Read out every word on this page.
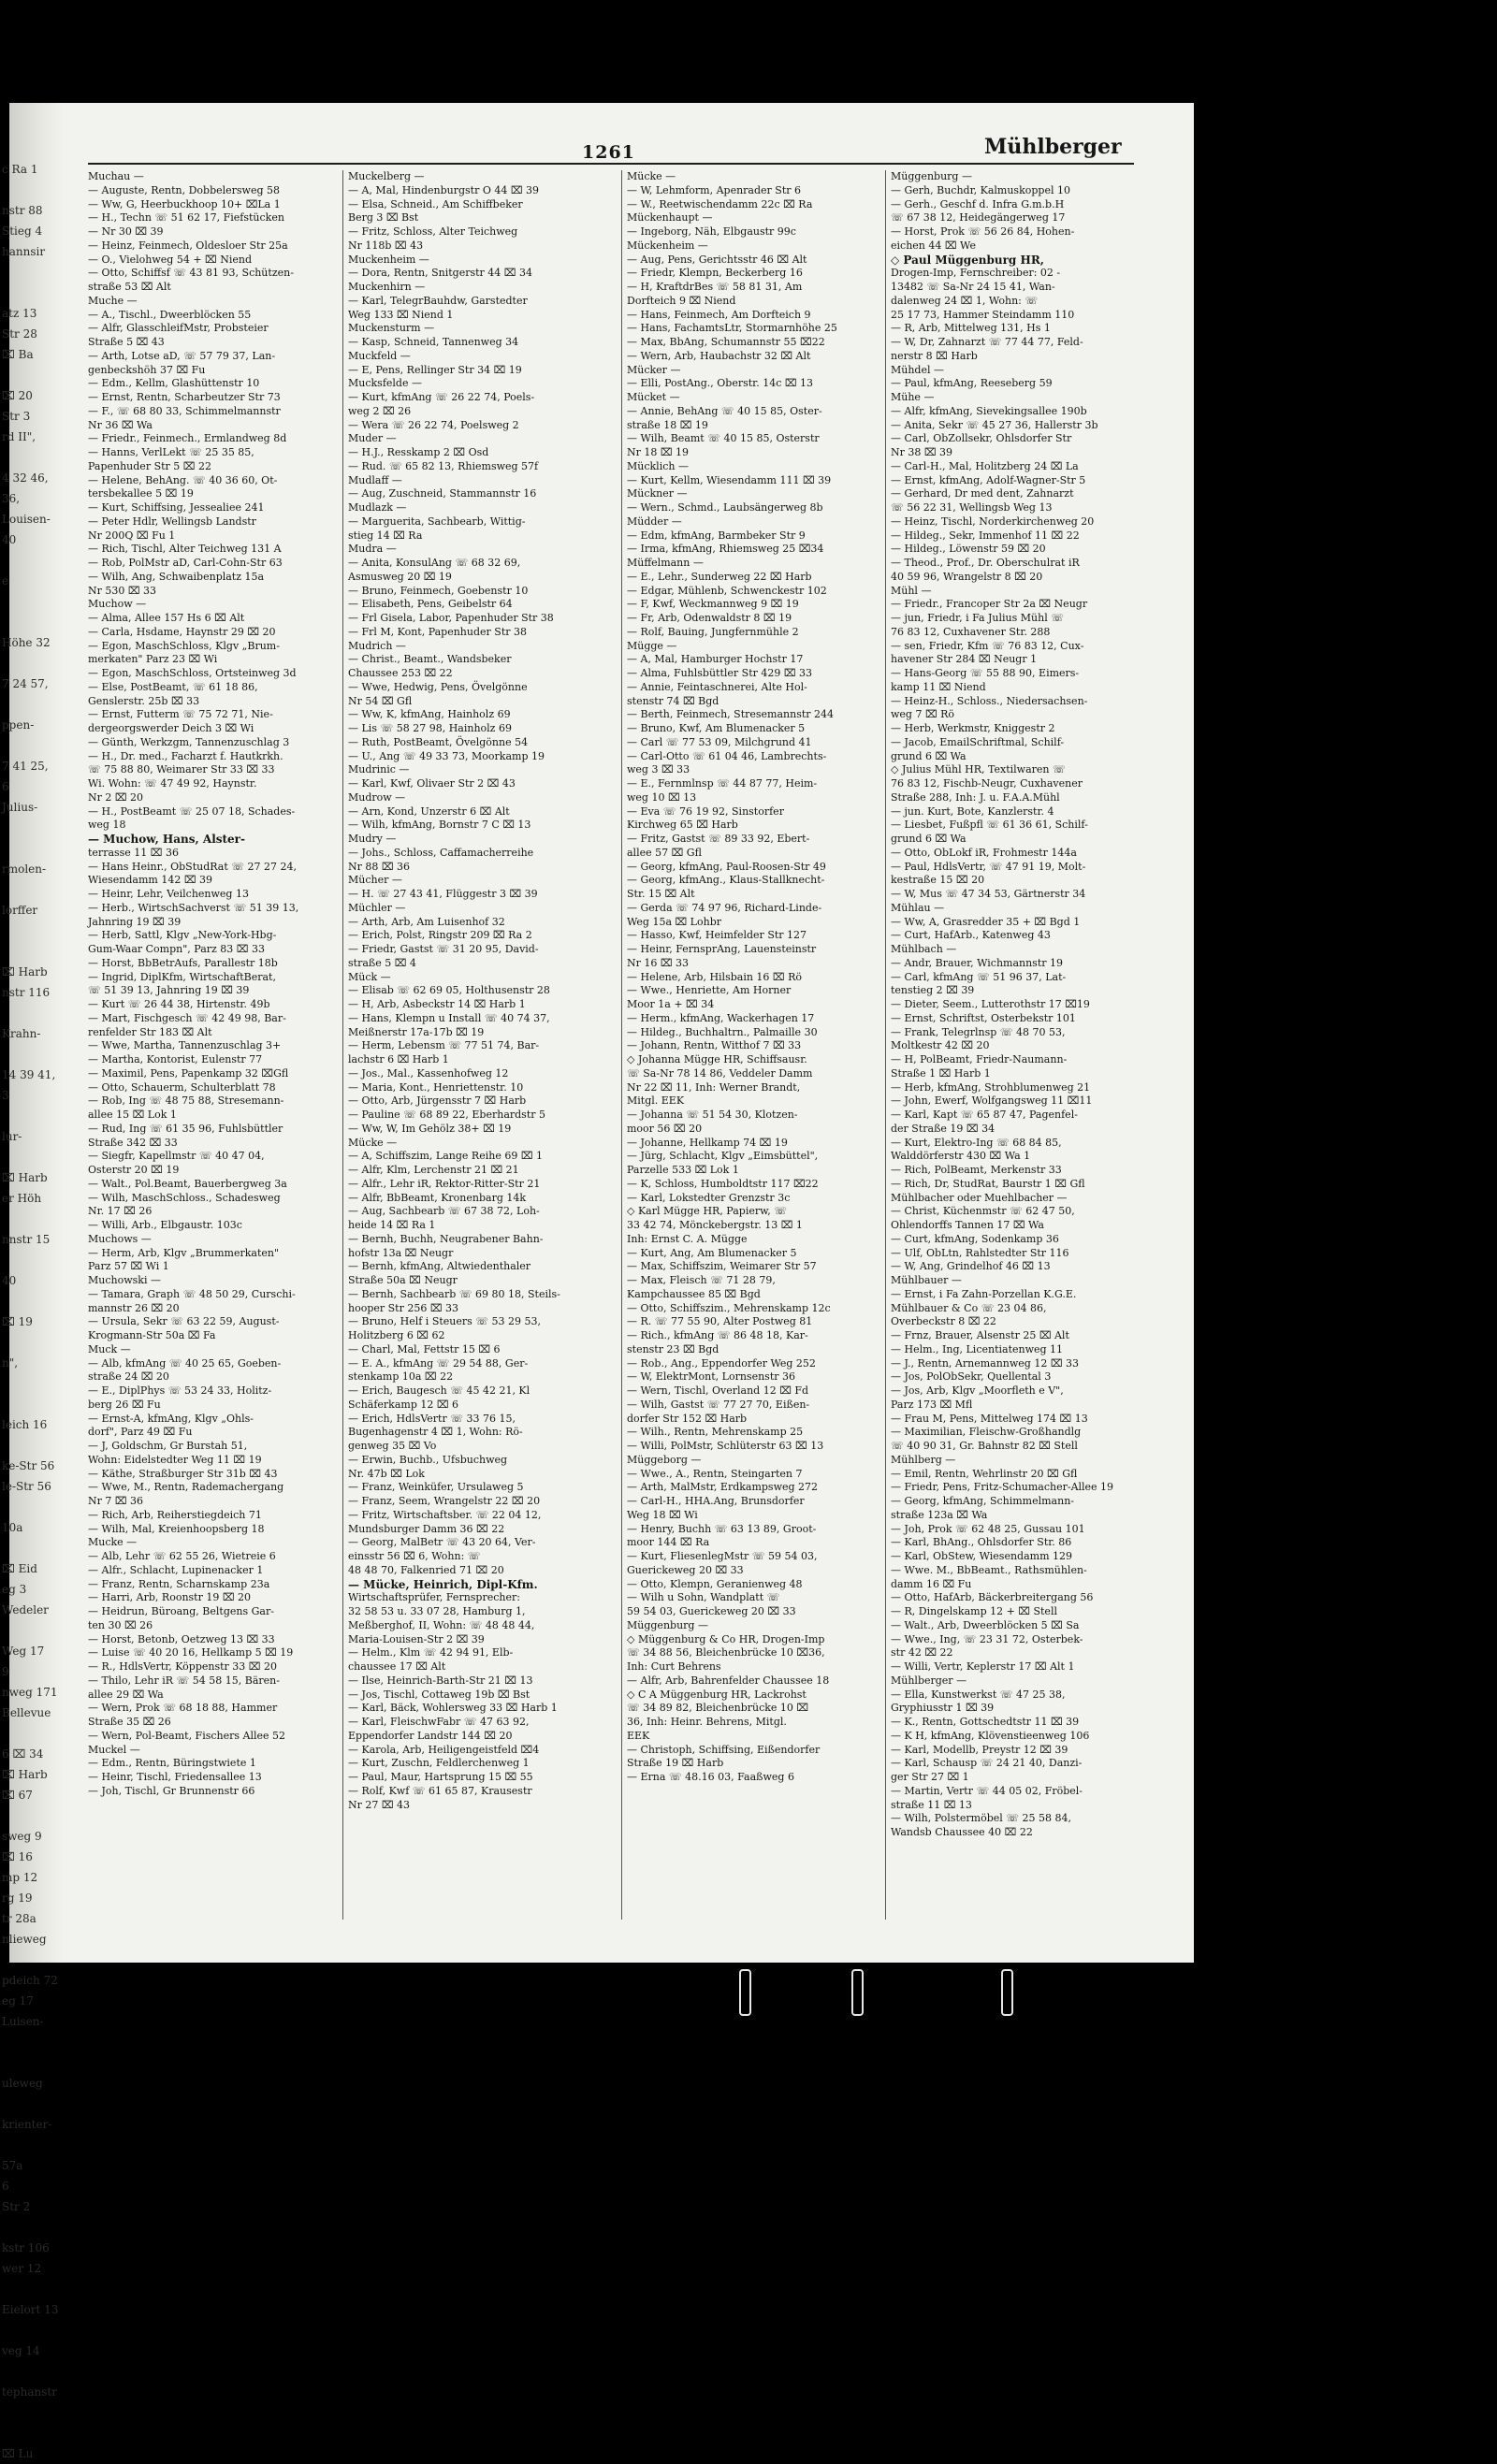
c Ra 1
nstr 88
Stieg 4
hannsir
atz 13
Str 28
⌧ Ba
⌧ 20
Str 3
rd II",
4 32 46,
36,
Louisen-
40
e
Höhe 32
7 24 57,
ppen-
7 41 25,
6
Julius-
rmolen-
lorffer
⌧ Harb
nstr 116
Krahn-
14 39 41,
3
lur-
⌧ Harb
er Höh
nnstr 15
40
⌧ 19
n",
leich 16
ke-Str 56
le-Str 56
10a
⌧ Eid
eg 3
Wedeler
Weg 17
9
nweg 171
Bellevue
6 ⌧ 34
⌧ Harb
⌧ 67
sweg 9
⌧ 16
mp 12
rg 19
tr 28a
nlieweg
pdeich 72
eg 17
Luisen-
uleweg
krienter-
57a
6
Str 2
kstr 106
wer 12
Eielort 13
veg 14
tephanstr
⌧ Lu
1261	Mühlberger
Muchau —
— Auguste, Rentn, Dobbelersweg 58
— Ww, G, Heerbuckhoop 10+ ⌧La 1
— H., Techn ☏ 51 62 17, Fiefstücken
— Nr 30 ⌧ 39
— Heinz, Feinmech, Oldesloer Str 25a
— O., Vielohweg 54 + ⌧ Niend
— Otto, Schiffsf ☏ 43 81 93, Schützen-
straße 53 ⌧ Alt
Muche —
— A., Tischl., Dweerblöcken 55
— Alfr, GlasschleifMstr, Probsteier
Straße 5 ⌧ 43
— Arth, Lotse aD, ☏ 57 79 37, Lan-
genbeckshöh 37 ⌧ Fu
— Edm., Kellm, Glashüttenstr 10
— Ernst, Rentn, Scharbeutzer Str 73
— F., ☏ 68 80 33, Schimmelmannstr
Nr 36 ⌧ Wa
— Friedr., Feinmech., Ermlandweg 8d
— Hanns, VerlLekt ☏ 25 35 85,
Papenhuder Str 5 ⌧ 22
— Helene, BehAng. ☏ 40 36 60, Ot-
tersbekallee 5 ⌧ 19
— Kurt, Schiffsing, Jessealiee 241
— Peter Hdlr, Wellingsb Landstr
Nr 200Q ⌧ Fu 1
— Rich, Tischl, Alter Teichweg 131 A
— Rob, PolMstr aD, Carl-Cohn-Str 63
— Wilh, Ang, Schwaibenplatz 15a
Nr 530 ⌧ 33
Muchow —
— Alma, Allee 157 Hs 6 ⌧ Alt
— Carla, Hsdame, Haynstr 29 ⌧ 20
— Egon, MaschSchloss, Klgv „Brum-
merkaten" Parz 23 ⌧ Wi
— Egon, MaschSchloss, Ortsteinweg 3d
— Else, PostBeamt, ☏ 61 18 86,
Genslerstr. 25b ⌧ 33
— Ernst, Futterm ☏ 75 72 71, Nie-
dergeorgswerder Deich 3 ⌧ Wi
— Günth, Werkzgm, Tannenzuschlag 3
— H., Dr. med., Facharzt f. Hautkrkh.
☏ 75 88 80, Weimarer Str 33 ⌧ 33
Wi. Wohn: ☏ 47 49 92, Haynstr.
Nr 2 ⌧ 20
— H., PostBeamt ☏ 25 07 18, Schades-
weg 18
— Muchow, Hans, Alster-
terrasse 11 ⌧ 36
— Hans Heinr., ObStudRat ☏ 27 27 24,
Wiesendamm 142 ⌧ 39
— Heinr, Lehr, Veilchenweg 13
— Herb., WirtschSachverst ☏ 51 39 13,
Jahnring 19 ⌧ 39
— Herb, Sattl, Klgv „New-York-Hbg-
Gum-Waar Compn", Parz 83 ⌧ 33
— Horst, BbBetrAufs, Parallestr 18b
— Ingrid, DiplKfm, WirtschaftBerat,
☏ 51 39 13, Jahnring 19 ⌧ 39
— Kurt ☏ 26 44 38, Hirtenstr. 49b
— Mart, Fischgesch ☏ 42 49 98, Bar-
renfelder Str 183 ⌧ Alt
— Wwe, Martha, Tannenzuschlag 3+
— Martha, Kontorist, Eulenstr 77
— Maximil, Pens, Papenkamp 32 ⌧Gfl
— Otto, Schauerm, Schulterblatt 78
— Rob, Ing ☏ 48 75 88, Stresemann-
allee 15 ⌧ Lok 1
— Rud, Ing ☏ 61 35 96, Fuhlsbüttler
Straße 342 ⌧ 33
— Siegfr, Kapellmstr ☏ 40 47 04,
Osterstr 20 ⌧ 19
— Walt., Pol.Beamt, Bauerbergweg 3a
— Wilh, MaschSchloss., Schadesweg
Nr. 17 ⌧ 26
— Willi, Arb., Elbgaustr. 103c
Muchows —
— Herm, Arb, Klgv „Brummerkaten"
Parz 57 ⌧ Wi 1
Muchowski —
— Tamara, Graph ☏ 48 50 29, Curschi-
mannstr 26 ⌧ 20
— Ursula, Sekr ☏ 63 22 59, August-
Krogmann-Str 50a ⌧ Fa
Muck —
— Alb, kfmAng ☏ 40 25 65, Goeben-
straße 24 ⌧ 20
— E., DiplPhys ☏ 53 24 33, Holitz-
berg 26 ⌧ Fu
— Ernst-A, kfmAng, Klgv „Ohls-
dorf", Parz 49 ⌧ Fu
— J, Goldschm, Gr Burstah 51,
Wohn: Eidelstedter Weg 11 ⌧ 19
— Käthe, Straßburger Str 31b ⌧ 43
— Wwe, M., Rentn, Rademachergang
Nr 7 ⌧ 36
— Rich, Arb, Reiherstiegdeich 71
— Wilh, Mal, Kreienhoopsberg 18
Mucke —
— Alb, Lehr ☏ 62 55 26, Wietreie 6
— Alfr., Schlacht, Lupinenacker 1
— Franz, Rentn, Scharnskamp 23a
— Harri, Arb, Roonstr 19 ⌧ 20
— Heidrun, Büroang, Beltgens Gar-
ten 30 ⌧ 26
— Horst, Betonb, Oetzweg 13 ⌧ 33
— Luise ☏ 40 20 16, Hellkamp 5 ⌧ 19
— R., HdlsVertr, Köppenstr 33 ⌧ 20
— Thilo, Lehr iR ☏ 54 58 15, Bären-
allee 29 ⌧ Wa
— Wern, Prok ☏ 68 18 88, Hammer
Straße 35 ⌧ 26
— Wern, Pol-Beamt, Fischers Allee 52
Muckel —
— Edm., Rentn, Büringstwiete 1
— Heinr, Tischl, Friedensallee 13
— Joh, Tischl, Gr Brunnenstr 66
Muckelberg —
— A, Mal, Hindenburgstr O 44 ⌧ 39
— Elsa, Schneid., Am Schiffbeker
Berg 3 ⌧ Bst
— Fritz, Schloss, Alter Teichweg
Nr 118b ⌧ 43
Muckenheim —
— Dora, Rentn, Snitgerstr 44 ⌧ 34
Muckenhirn —
— Karl, TelegrBauhdw, Garstedter
Weg 133 ⌧ Niend 1
Muckensturm —
— Kasp, Schneid, Tannenweg 34
Muckfeld —
— E, Pens, Rellinger Str 34 ⌧ 19
Mucksfelde —
— Kurt, kfmAng ☏ 26 22 74, Poels-
weg 2 ⌧ 26
— Wera ☏ 26 22 74, Poelsweg 2
Muder —
— H.J., Resskamp 2 ⌧ Osd
— Rud. ☏ 65 82 13, Rhiemsweg 57f
Mudlaff —
— Aug, Zuschneid, Stammannstr 16
Mudlazk —
— Marguerita, Sachbearb, Wittig-
stieg 14 ⌧ Ra
Mudra —
— Anita, KonsulAng ☏ 68 32 69,
Asmusweg 20 ⌧ 19
— Bruno, Feinmech, Goebenstr 10
— Elisabeth, Pens, Geibelstr 64
— Frl Gisela, Labor, Papenhuder Str 38
— Frl M, Kont, Papenhuder Str 38
Mudrich —
— Christ., Beamt., Wandsbeker
Chaussee 253 ⌧ 22
— Wwe, Hedwig, Pens, Övelgönne
Nr 54 ⌧ Gfl
— Ww, K, kfmAng, Hainholz 69
— Lis ☏ 58 27 98, Hainholz 69
— Ruth, PostBeamt, Övelgönne 54
— U., Ang ☏ 49 33 73, Moorkamp 19
Mudrinic —
— Karl, Kwf, Olivaer Str 2 ⌧ 43
Mudrow —
— Arn, Kond, Unzerstr 6 ⌧ Alt
— Wilh, kfmAng, Bornstr 7 C ⌧ 13
Mudry —
— Johs., Schloss, Caffamacherreihe
Nr 88 ⌧ 36
Mücher —
— H. ☏ 27 43 41, Flüggestr 3 ⌧ 39
Müchler —
— Arth, Arb, Am Luisenhof 32
— Erich, Polst, Ringstr 209 ⌧ Ra 2
— Friedr, Gastst ☏ 31 20 95, David-
straße 5 ⌧ 4
Mück —
— Elisab ☏ 62 69 05, Holthusenstr 28
— H, Arb, Asbeckstr 14 ⌧ Harb 1
— Hans, Klempn u Install ☏ 40 74 37,
Meißnerstr 17a-17b ⌧ 19
— Herm, Lebensm ☏ 77 51 74, Bar-
lachstr 6 ⌧ Harb 1
— Jos., Mal., Kassenhofweg 12
— Maria, Kont., Henriettenstr. 10
— Otto, Arb, Jürgensstr 7 ⌧ Harb
— Pauline ☏ 68 89 22, Eberhardstr 5
— Ww, W, Im Gehölz 38+ ⌧ 19
Mücke —
— A, Schiffszim, Lange Reihe 69 ⌧ 1
— Alfr, Klm, Lerchenstr 21 ⌧ 21
— Alfr., Lehr iR, Rektor-Ritter-Str 21
— Alfr, BbBeamt, Kronenbarg 14k
— Aug, Sachbearb ☏ 67 38 72, Loh-
heide 14 ⌧ Ra 1
— Bernh, Buchh, Neugrabener Bahn-
hofstr 13a ⌧ Neugr
— Bernh, kfmAng, Altwiedenthaler
Straße 50a ⌧ Neugr
— Bernh, Sachbearb ☏ 69 80 18, Steils-
hooper Str 256 ⌧ 33
— Bruno, Helf i Steuers ☏ 53 29 53,
Holitzberg 6 ⌧ 62
— Charl, Mal, Fettstr 15 ⌧ 6
— E. A., kfmAng ☏ 29 54 88, Ger-
stenkamp 10a ⌧ 22
— Erich, Baugesch ☏ 45 42 21, Kl
Schäferkamp 12 ⌧ 6
— Erich, HdlsVertr ☏ 33 76 15,
Bugenhagenstr 4 ⌧ 1, Wohn: Rö-
genweg 35 ⌧ Vo
— Erwin, Buchb., Ufsbuchweg
Nr. 47b ⌧ Lok
— Franz, Weinküfer, Ursulaweg 5
— Franz, Seem, Wrangelstr 22 ⌧ 20
— Fritz, Wirtschaftsber. ☏ 22 04 12,
Mundsburger Damm 36 ⌧ 22
— Georg, MalBetr ☏ 43 20 64, Ver-
einsstr 56 ⌧ 6, Wohn: ☏
48 48 70, Falkenried 71 ⌧ 20
— Mücke, Heinrich, Dipl-Kfm.
Wirtschaftsprüfer, Fernsprecher:
32 58 53 u. 33 07 28, Hamburg 1,
Meßberghof, II, Wohn: ☏ 48 48 44,
Maria-Louisen-Str 2 ⌧ 39
— Helm., Klm ☏ 42 94 91, Elb-
chaussee 17 ⌧ Alt
— Ilse, Heinrich-Barth-Str 21 ⌧ 13
— Jos, Tischl, Cottaweg 19b ⌧ Bst
— Karl, Bäck, Wohlersweg 33 ⌧ Harb 1
— Karl, FleischwFabr ☏ 47 63 92,
Eppendorfer Landstr 144 ⌧ 20
— Karola, Arb, Heiligengeistfeld ⌧4
— Kurt, Zuschn, Feldlerchenweg 1
— Paul, Maur, Hartsprung 15 ⌧ 55
— Rolf, Kwf ☏ 61 65 87, Krausestr
Nr 27 ⌧ 43
Mücke —
— W, Lehmform, Apenrader Str 6
— W., Reetwischendamm 22c ⌧ Ra
Mückenhaupt —
— Ingeborg, Näh, Elbgaustr 99c
Mückenheim —
— Aug, Pens, Gerichtsstr 46 ⌧ Alt
— Friedr, Klempn, Beckerberg 16
— H, KraftdrBes ☏ 58 81 31, Am
Dorfteich 9 ⌧ Niend
— Hans, Feinmech, Am Dorfteich 9
— Hans, FachamtsLtr, Stormarnhöhe 25
— Max, BbAng, Schumannstr 55 ⌧22
— Wern, Arb, Haubachstr 32 ⌧ Alt
Mücker —
— Elli, PostAng., Oberstr. 14c ⌧ 13
Mücket —
— Annie, BehAng ☏ 40 15 85, Oster-
straße 18 ⌧ 19
— Wilh, Beamt ☏ 40 15 85, Osterstr
Nr 18 ⌧ 19
Mücklich —
— Kurt, Kellm, Wiesendamm 111 ⌧ 39
Mückner —
— Wern., Schmd., Laubsängerweg 8b
Müdder —
— Edm, kfmAng, Barmbeker Str 9
— Irma, kfmAng, Rhiemsweg 25 ⌧34
Müffelmann —
— E., Lehr., Sunderweg 22 ⌧ Harb
— Edgar, Mühlenb, Schwenckestr 102
— F, Kwf, Weckmannweg 9 ⌧ 19
— Fr, Arb, Odenwaldstr 8 ⌧ 19
— Rolf, Bauing, Jungfernmühle 2
Mügge —
— A, Mal, Hamburger Hochstr 17
— Alma, Fuhlsbüttler Str 429 ⌧ 33
— Annie, Feintaschnerei, Alte Hol-
stenstr 74 ⌧ Bgd
— Berth, Feinmech, Stresemannstr 244
— Bruno, Kwf, Am Blumenacker 5
— Carl ☏ 77 53 09, Milchgrund 41
— Carl-Otto ☏ 61 04 46, Lambrechts-
weg 3 ⌧ 33
— E., Fernmlnsp ☏ 44 87 77, Heim-
weg 10 ⌧ 13
— Eva ☏ 76 19 92, Sinstorfer
Kirchweg 65 ⌧ Harb
— Fritz, Gastst ☏ 89 33 92, Ebert-
allee 57 ⌧ Gfl
— Georg, kfmAng, Paul-Roosen-Str 49
— Georg, kfmAng., Klaus-Stallknecht-
Str. 15 ⌧ Alt
— Gerda ☏ 74 97 96, Richard-Linde-
Weg 15a ⌧ Lohbr
— Hasso, Kwf, Heimfelder Str 127
— Heinr, FernsprAng, Lauensteinstr
Nr 16 ⌧ 33
— Helene, Arb, Hilsbain 16 ⌧ Rö
— Wwe., Henriette, Am Horner
Moor 1a + ⌧ 34
— Herm., kfmAng, Wackerhagen 17
— Hildeg., Buchhaltrn., Palmaille 30
— Johann, Rentn, Witthof 7 ⌧ 33
◇ Johanna Mügge HR, Schiffsausr.
☏ Sa-Nr 78 14 86, Veddeler Damm
Nr 22 ⌧ 11, Inh: Werner Brandt,
Mitgl. EEK
— Johanna ☏ 51 54 30, Klotzen-
moor 56 ⌧ 20
— Johanne, Hellkamp 74 ⌧ 19
— Jürg, Schlacht, Klgv „Eimsbüttel",
Parzelle 533 ⌧ Lok 1
— K, Schloss, Humboldtstr 117 ⌧22
— Karl, Lokstedter Grenzstr 3c
◇ Karl Mügge HR, Papierw, ☏
33 42 74, Mönckebergstr. 13 ⌧ 1
Inh: Ernst C. A. Mügge
— Kurt, Ang, Am Blumenacker 5
— Max, Schiffszim, Weimarer Str 57
— Max, Fleisch ☏ 71 28 79,
Kampchaussee 85 ⌧ Bgd
— Otto, Schiffszim., Mehrenskamp 12c
— R. ☏ 77 55 90, Alter Postweg 81
— Rich., kfmAng ☏ 86 48 18, Kar-
stenstr 23 ⌧ Bgd
— Rob., Ang., Eppendorfer Weg 252
— W, ElektrMont, Lornsenstr 36
— Wern, Tischl, Overland 12 ⌧ Fd
— Wilh, Gastst ☏ 77 27 70, Eißen-
dorfer Str 152 ⌧ Harb
— Wilh., Rentn, Mehrenskamp 25
— Willi, PolMstr, Schlüterstr 63 ⌧ 13
Müggeborg —
— Wwe., A., Rentn, Steingarten 7
— Arth, MalMstr, Erdkampsweg 272
— Carl-H., HHA.Ang, Brunsdorfer
Weg 18 ⌧ Wi
— Henry, Buchh ☏ 63 13 89, Groot-
moor 144 ⌧ Ra
— Kurt, FliesenlegMstr ☏ 59 54 03,
Guerickeweg 20 ⌧ 33
— Otto, Klempn, Geranienweg 48
— Wilh u Sohn, Wandplatt ☏
59 54 03, Guerickeweg 20 ⌧ 33
Müggenburg —
◇ Müggenburg & Co HR, Drogen-Imp
☏ 34 88 56, Bleichenbrücke 10 ⌧36,
Inh: Curt Behrens
— Alfr, Arb, Bahrenfelder Chaussee 18
◇ C A Müggenburg HR, Lackrohst
☏ 34 89 82, Bleichenbrücke 10 ⌧
36, Inh: Heinr. Behrens, Mitgl.
EEK
— Christoph, Schiffsing, Eißendorfer
Straße 19 ⌧ Harb
— Erna ☏ 48.16 03, Faaßweg 6
Müggenburg —
— Gerh, Buchdr, Kalmuskoppel 10
— Gerh., Geschf d. Infra G.m.b.H
☏ 67 38 12, Heidegängerweg 17
— Horst, Prok ☏ 56 26 84, Hohen-
eichen 44 ⌧ We
◇ Paul Müggenburg HR,
Drogen-Imp, Fernschreiber: 02 -
13482 ☏ Sa-Nr 24 15 41, Wan-
dalenweg 24 ⌧ 1, Wohn: ☏
25 17 73, Hammer Steindamm 110
— R, Arb, Mittelweg 131, Hs 1
— W, Dr, Zahnarzt ☏ 77 44 77, Feld-
nerstr 8 ⌧ Harb
Mühdel —
— Paul, kfmAng, Reeseberg 59
Mühe —
— Alfr, kfmAng, Sievekingsallee 190b
— Anita, Sekr ☏ 45 27 36, Hallerstr 3b
— Carl, ObZollsekr, Ohlsdorfer Str
Nr 38 ⌧ 39
— Carl-H., Mal, Holitzberg 24 ⌧ La
— Ernst, kfmAng, Adolf-Wagner-Str 5
— Gerhard, Dr med dent, Zahnarzt
☏ 56 22 31, Wellingsb Weg 13
— Heinz, Tischl, Norderkirchenweg 20
— Hildeg., Sekr, Immenhof 11 ⌧ 22
— Hildeg., Löwenstr 59 ⌧ 20
— Theod., Prof., Dr. Oberschulrat iR
40 59 96, Wrangelstr 8 ⌧ 20
Mühl —
— Friedr., Francoper Str 2a ⌧ Neugr
— jun, Friedr, i Fa Julius Mühl ☏
76 83 12, Cuxhavener Str. 288
— sen, Friedr, Kfm ☏ 76 83 12, Cux-
havener Str 284 ⌧ Neugr 1
— Hans-Georg ☏ 55 88 90, Eimers-
kamp 11 ⌧ Niend
— Heinz-H., Schloss., Niedersachsen-
weg 7 ⌧ Rö
— Herb, Werkmstr, Kniggestr 2
— Jacob, EmailSchriftmal, Schilf-
grund 6 ⌧ Wa
◇ Julius Mühl HR, Textilwaren ☏
76 83 12, Fischb-Neugr, Cuxhavener
Straße 288, Inh: J. u. F.A.A.Mühl
— jun. Kurt, Bote, Kanzlerstr. 4
— Liesbet, Fußpfl ☏ 61 36 61, Schilf-
grund 6 ⌧ Wa
— Otto, ObLokf iR, Frohmestr 144a
— Paul, HdlsVertr, ☏ 47 91 19, Molt-
kestraße 15 ⌧ 20
— W, Mus ☏ 47 34 53, Gärtnerstr 34
Mühlau —
— Ww, A, Grasredder 35 + ⌧ Bgd 1
— Curt, HafArb., Katenweg 43
Mühlbach —
— Andr, Brauer, Wichmannstr 19
— Carl, kfmAng ☏ 51 96 37, Lat-
tenstieg 2 ⌧ 39
— Dieter, Seem., Lutterothstr 17 ⌧19
— Ernst, Schriftst, Osterbekstr 101
— Frank, Telegrlnsp ☏ 48 70 53,
Moltkestr 42 ⌧ 20
— H, PolBeamt, Friedr-Naumann-
Straße 1 ⌧ Harb 1
— Herb, kfmAng, Strohblumenweg 21
— John, Ewerf, Wolfgangsweg 11 ⌧11
— Karl, Kapt ☏ 65 87 47, Pagenfel-
der Straße 19 ⌧ 34
— Kurt, Elektro-Ing ☏ 68 84 85,
Walddörferstr 430 ⌧ Wa 1
— Rich, PolBeamt, Merkenstr 33
— Rich, Dr, StudRat, Baurstr 1 ⌧ Gfl
Mühlbacher oder Muehlbacher —
— Christ, Küchenmstr ☏ 62 47 50,
Ohlendorffs Tannen 17 ⌧ Wa
— Curt, kfmAng, Sodenkamp 36
— Ulf, ObLtn, Rahlstedter Str 116
— W, Ang, Grindelhof 46 ⌧ 13
Mühlbauer —
— Ernst, i Fa Zahn-Porzellan K.G.E.
Mühlbauer & Co ☏ 23 04 86,
Overbeckstr 8 ⌧ 22
— Frnz, Brauer, Alsenstr 25 ⌧ Alt
— Helm., Ing, Licentiatenweg 11
— J., Rentn, Arnemannweg 12 ⌧ 33
— Jos, PolObSekr, Quellental 3
— Jos, Arb, Klgv „Moorfleth e V",
Parz 173 ⌧ Mfl
— Frau M, Pens, Mittelweg 174 ⌧ 13
— Maximilian, Fleischw-Großhandlg
☏ 40 90 31, Gr. Bahnstr 82 ⌧ Stell
Mühlberg —
— Emil, Rentn, Wehrlinstr 20 ⌧ Gfl
— Friedr, Pens, Fritz-Schumacher-Allee 19
— Georg, kfmAng, Schimmelmann-
straße 123a ⌧ Wa
— Joh, Prok ☏ 62 48 25, Gussau 101
— Karl, BhAng., Ohlsdorfer Str. 86
— Karl, ObStew, Wiesendamm 129
— Wwe. M., BbBeamt., Rathsmühlen-
damm 16 ⌧ Fu
— Otto, HafArb, Bäckerbreitergang 56
— R, Dingelskamp 12 + ⌧ Stell
— Walt., Arb, Dweerblöcken 5 ⌧ Sa
— Wwe., Ing, ☏ 23 31 72, Osterbek-
str 42 ⌧ 22
— Willi, Vertr, Keplerstr 17 ⌧ Alt 1
Mühlberger —
— Ella, Kunstwerkst ☏ 47 25 38,
Gryphiusstr 1 ⌧ 39
— K., Rentn, Gottschedtstr 11 ⌧ 39
— K H, kfmAng, Klövenstieenweg 106
— Karl, Modellb, Preystr 12 ⌧ 39
— Karl, Schausp ☏ 24 21 40, Danzi-
ger Str 27 ⌧ 1
— Martin, Vertr ☏ 44 05 02, Fröbel-
straße 11 ⌧ 13
— Wilh, Polstermöbel ☏ 25 58 84,
Wandsb Chaussee 40 ⌧ 22
